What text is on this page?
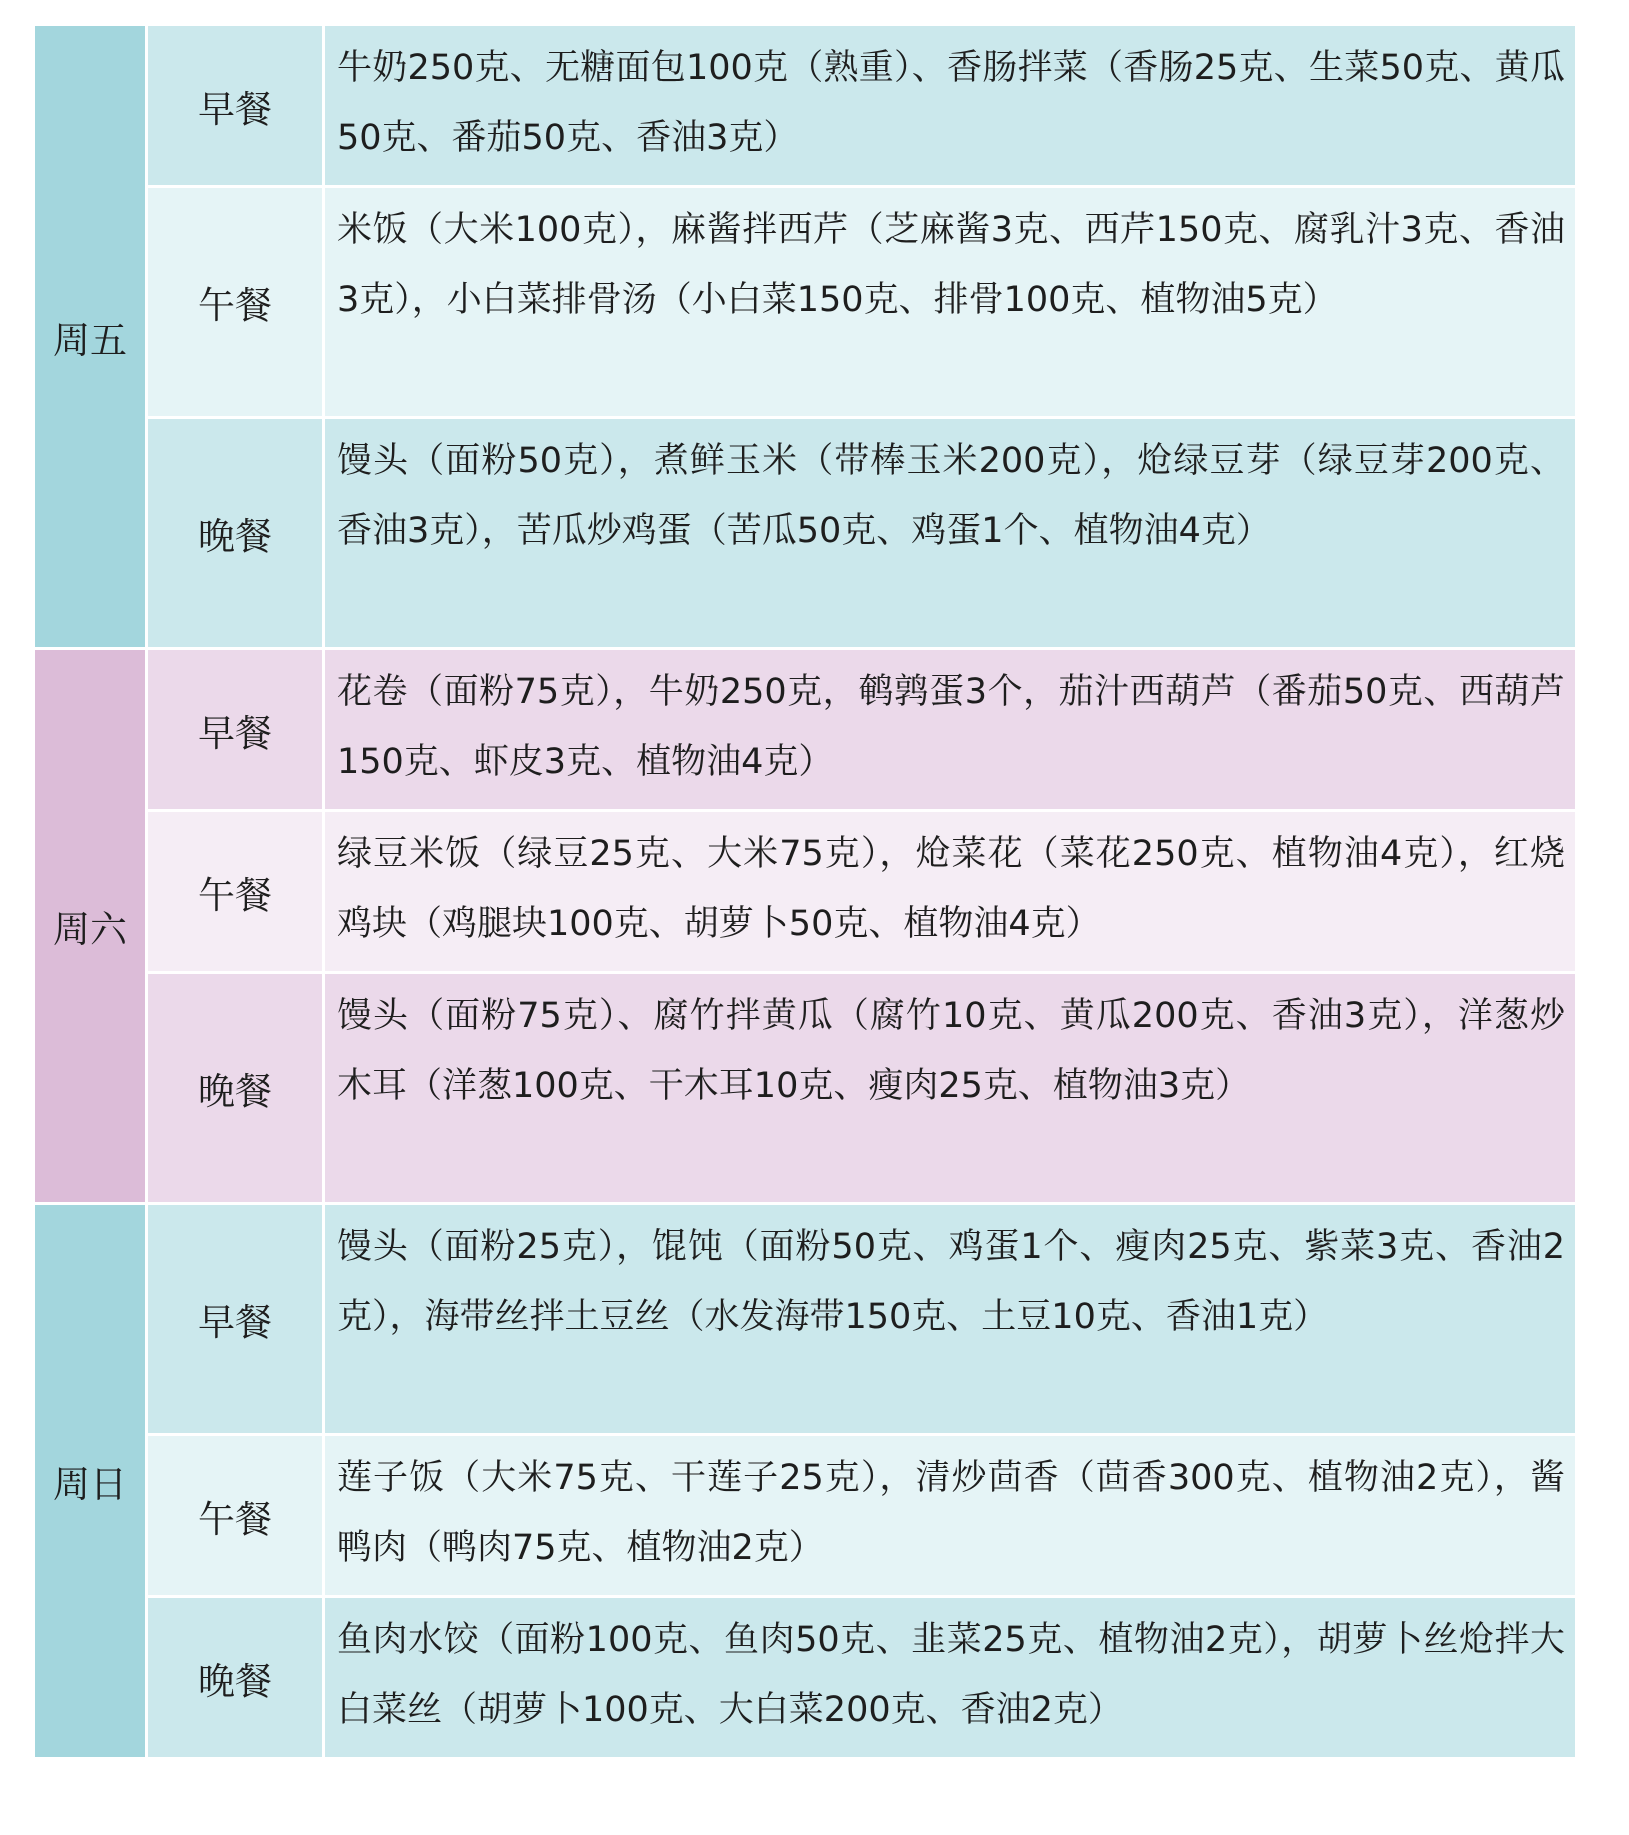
周五	早餐	牛奶250克、无糖面包100克（熟重）、香肠拌菜（香肠25克、生菜50克、黄瓜50克、番茄50克、香油3克）
	午餐	米饭（大米100克），麻酱拌西芹（芝麻酱3克、西芹150克、腐乳汁3克、香油3克），小白菜排骨汤（小白菜150克、排骨100克、植物油5克）
	晚餐	馒头（面粉50克），煮鲜玉米（带棒玉米200克），炝绿豆芽（绿豆芽200克、香油3克），苦瓜炒鸡蛋（苦瓜50克、鸡蛋1个、植物油4克）
周六	早餐	花卷（面粉75克），牛奶250克，鹌鹑蛋3个，茄汁西葫芦（番茄50克、西葫芦150克、虾皮3克、植物油4克）
	午餐	绿豆米饭（绿豆25克、大米75克），炝菜花（菜花250克、植物油4克），红烧鸡块（鸡腿块100克、胡萝卜50克、植物油4克）
	晚餐	馒头（面粉75克）、腐竹拌黄瓜（腐竹10克、黄瓜200克、香油3克），洋葱炒木耳（洋葱100克、干木耳10克、瘦肉25克、植物油3克）
周日	早餐	馒头（面粉25克），馄饨（面粉50克、鸡蛋1个、瘦肉25克、紫菜3克、香油2克），海带丝拌土豆丝（水发海带150克、土豆10克、香油1克）
	午餐	莲子饭（大米75克、干莲子25克），清炒茴香（茴香300克、植物油2克），酱鸭肉（鸭肉75克、植物油2克）
	晚餐	鱼肉水饺（面粉100克、鱼肉50克、韭菜25克、植物油2克），胡萝卜丝炝拌大白菜丝（胡萝卜100克、大白菜200克、香油2克）
